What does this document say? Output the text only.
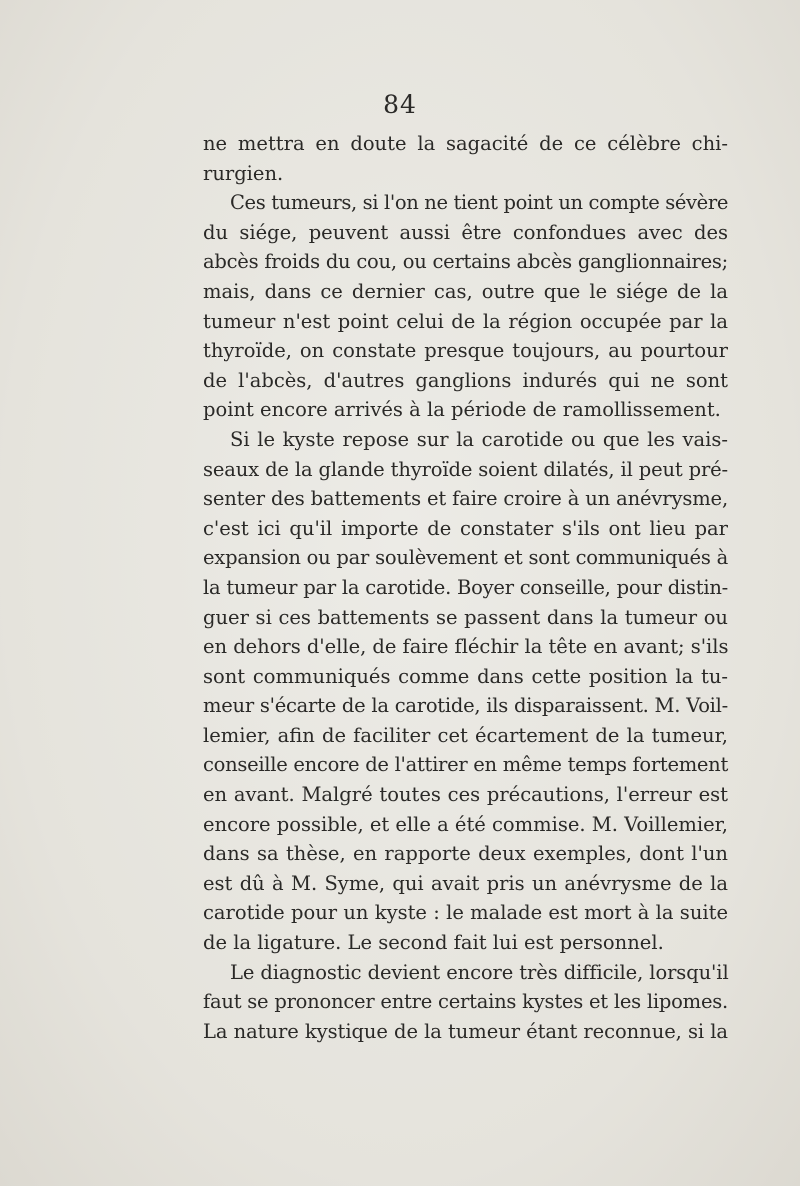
84
ne mettra en doute la sagacité de ce célèbre chi-
rurgien.
Ces tumeurs, si l'on ne tient point un compte sévère
du siége, peuvent aussi être confondues avec des
abcès froids du cou, ou certains abcès ganglionnaires;
mais, dans ce dernier cas, outre que le siége de la
tumeur n'est point celui de la région occupée par la
thyroïde, on constate presque toujours, au pourtour
de l'abcès, d'autres ganglions indurés qui ne sont
point encore arrivés à la période de ramollissement.
Si le kyste repose sur la carotide ou que les vais-
seaux de la glande thyroïde soient dilatés, il peut pré-
senter des battements et faire croire à un anévrysme,
c'est ici qu'il importe de constater s'ils ont lieu par
expansion ou par soulèvement et sont communiqués à
la tumeur par la carotide. Boyer conseille, pour distin-
guer si ces battements se passent dans la tumeur ou
en dehors d'elle, de faire fléchir la tête en avant; s'ils
sont communiqués comme dans cette position la tu-
meur s'écarte de la carotide, ils disparaissent. M. Voil-
lemier, afin de faciliter cet écartement de la tumeur,
conseille encore de l'attirer en même temps fortement
en avant. Malgré toutes ces précautions, l'erreur est
encore possible, et elle a été commise. M. Voillemier,
dans sa thèse, en rapporte deux exemples, dont l'un
est dû à M. Syme, qui avait pris un anévrysme de la
carotide pour un kyste : le malade est mort à la suite
de la ligature. Le second fait lui est personnel.
Le diagnostic devient encore très difficile, lorsqu'il
faut se prononcer entre certains kystes et les lipomes.
La nature kystique de la tumeur étant reconnue, si la
